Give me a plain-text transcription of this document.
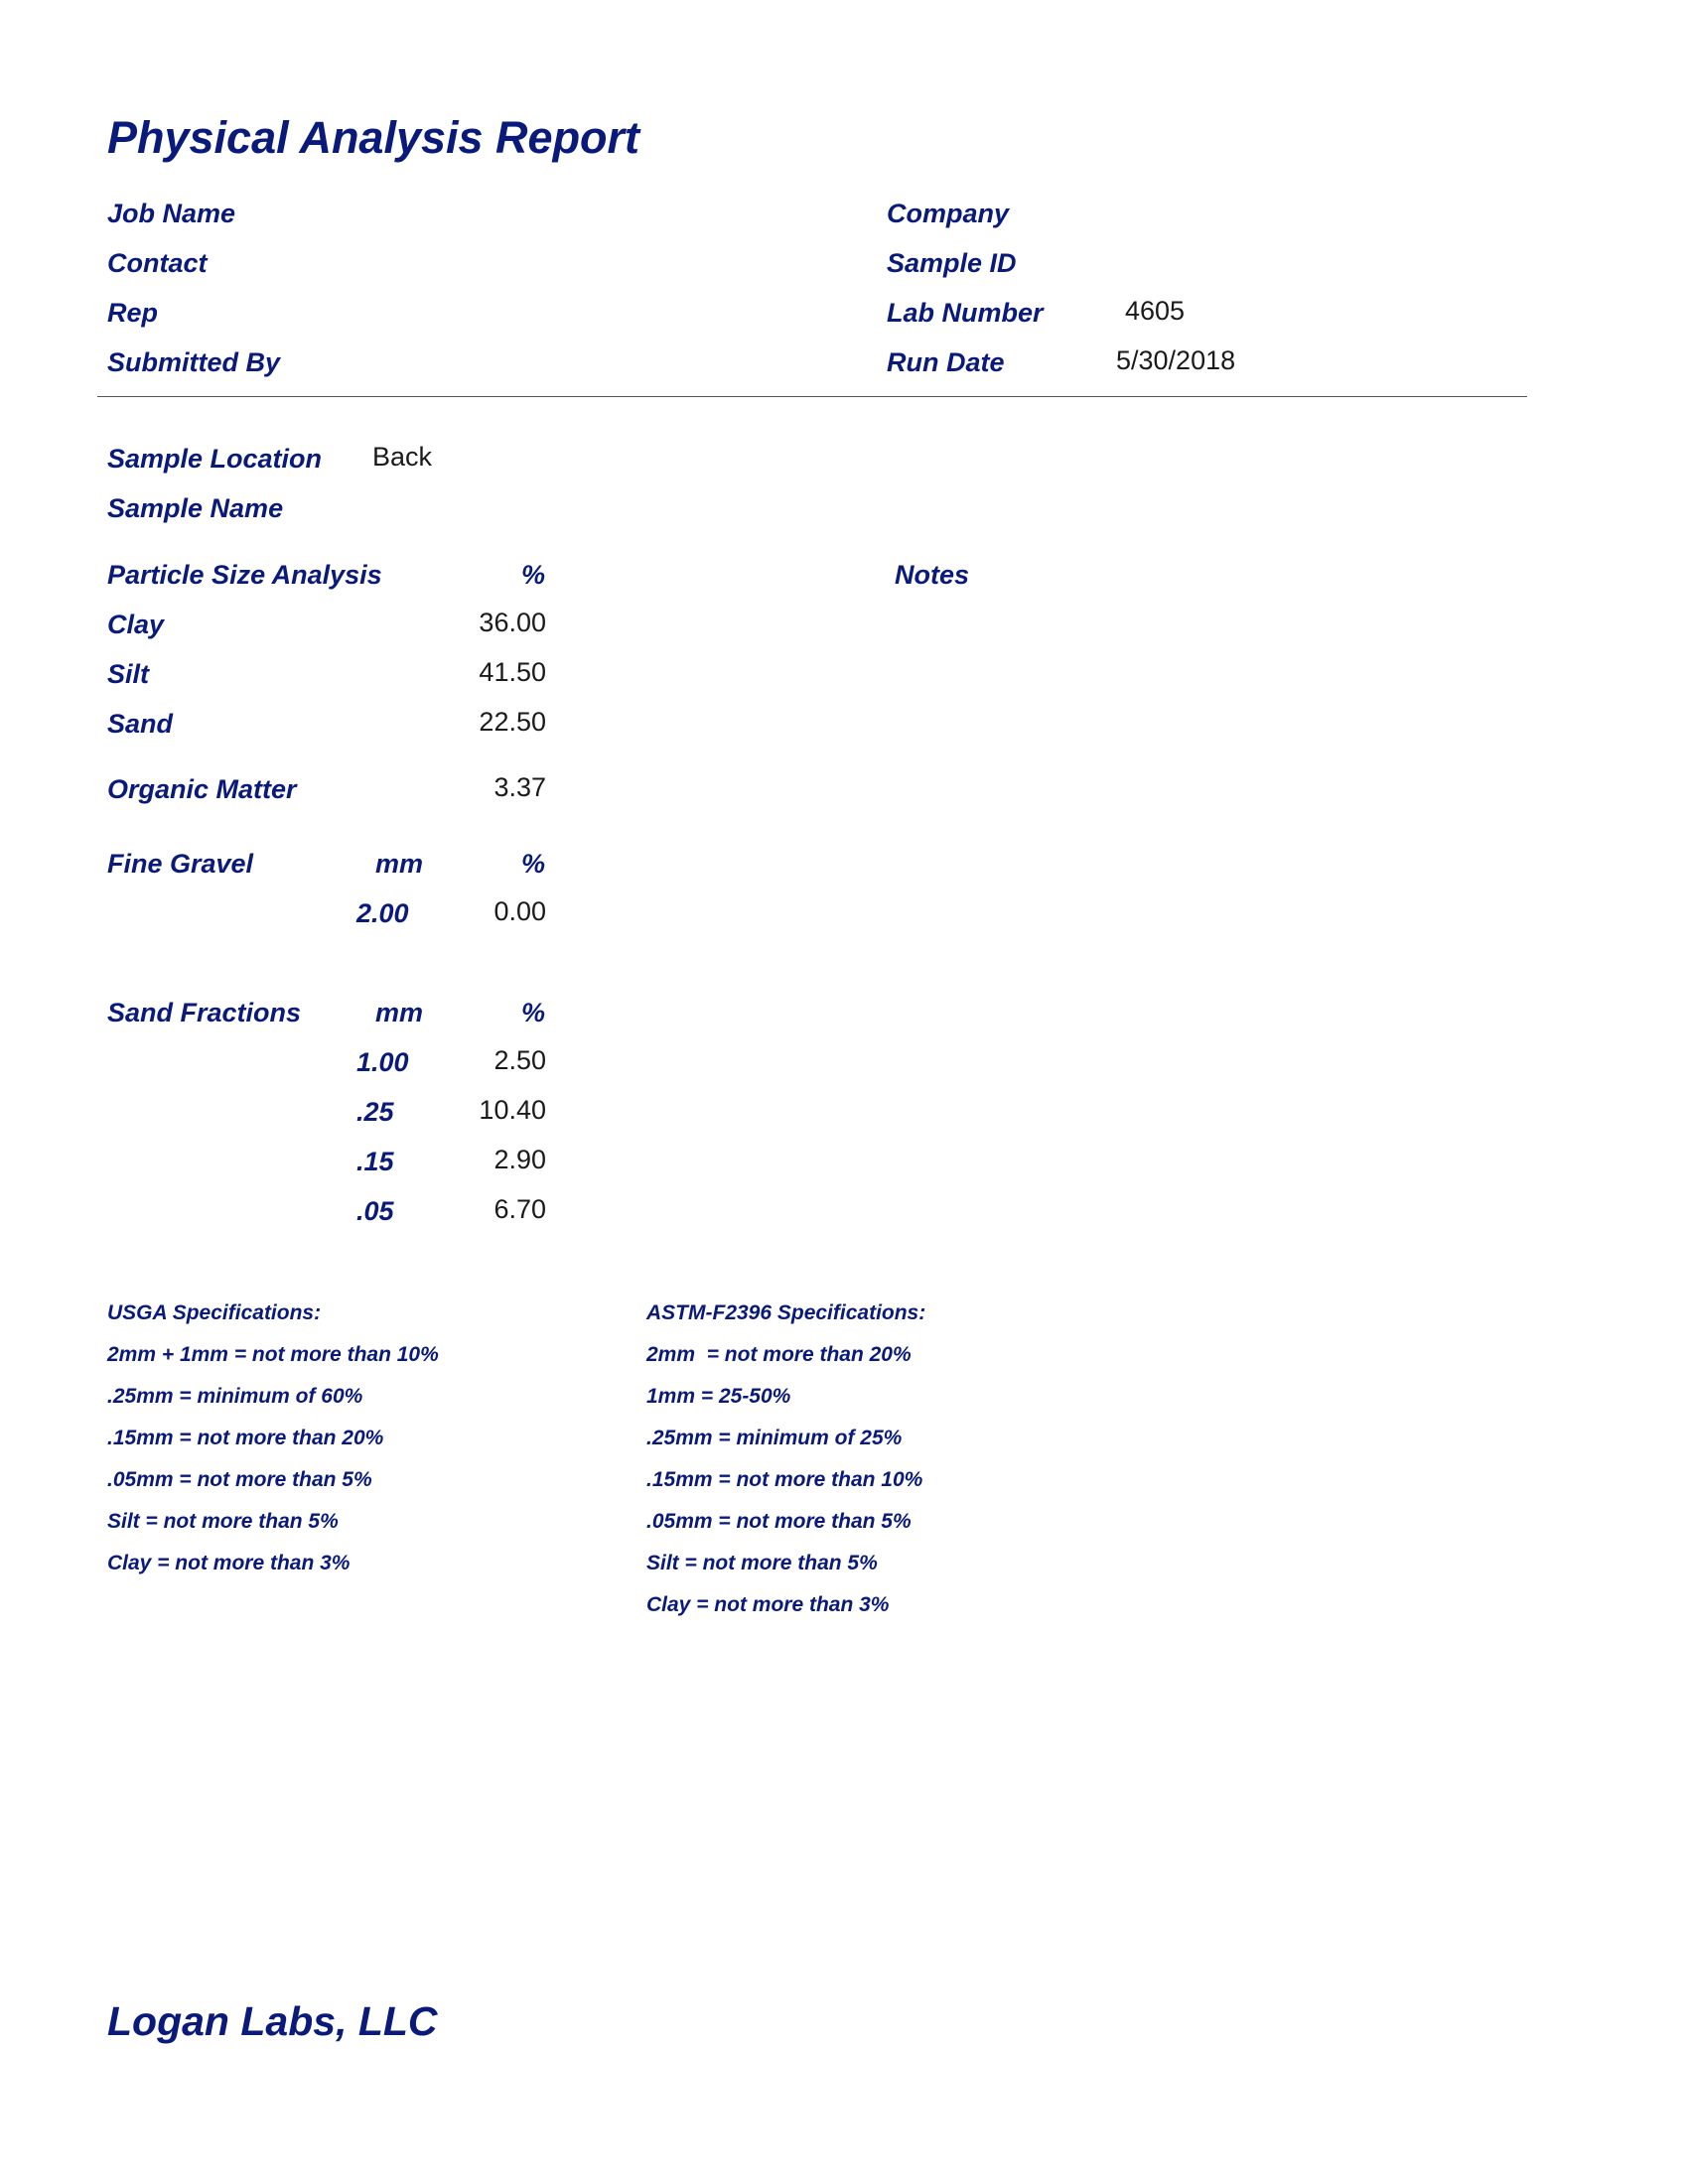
Physical Analysis Report
Job Name
Contact
Rep
Submitted By
Company
Sample ID
Lab Number	4605
Run Date	5/30/2018
Sample Location Back
Sample Name
Particle Size Analysis	%	Notes
Clay	36.00
Silt	41.50
Sand	22.50
Organic Matter	3.37
Fine Gravel	mm	%
2.00	0.00
Sand Fractions	mm	%
1.00	2.50
.25	10.40
.15	2.90
.05	6.70
USGA Specifications:
2mm + 1mm = not more than 10%
.25mm = minimum of 60%
.15mm = not more than 20%
.05mm = not more than 5%
Silt = not more than 5%
Clay = not more than 3%
ASTM-F2396 Specifications:
2mm  = not more than 20%
1mm = 25-50%
.25mm = minimum of 25%
.15mm = not more than 10%
.05mm = not more than 5%
Silt = not more than 5%
Clay = not more than 3%
Logan Labs, LLC
